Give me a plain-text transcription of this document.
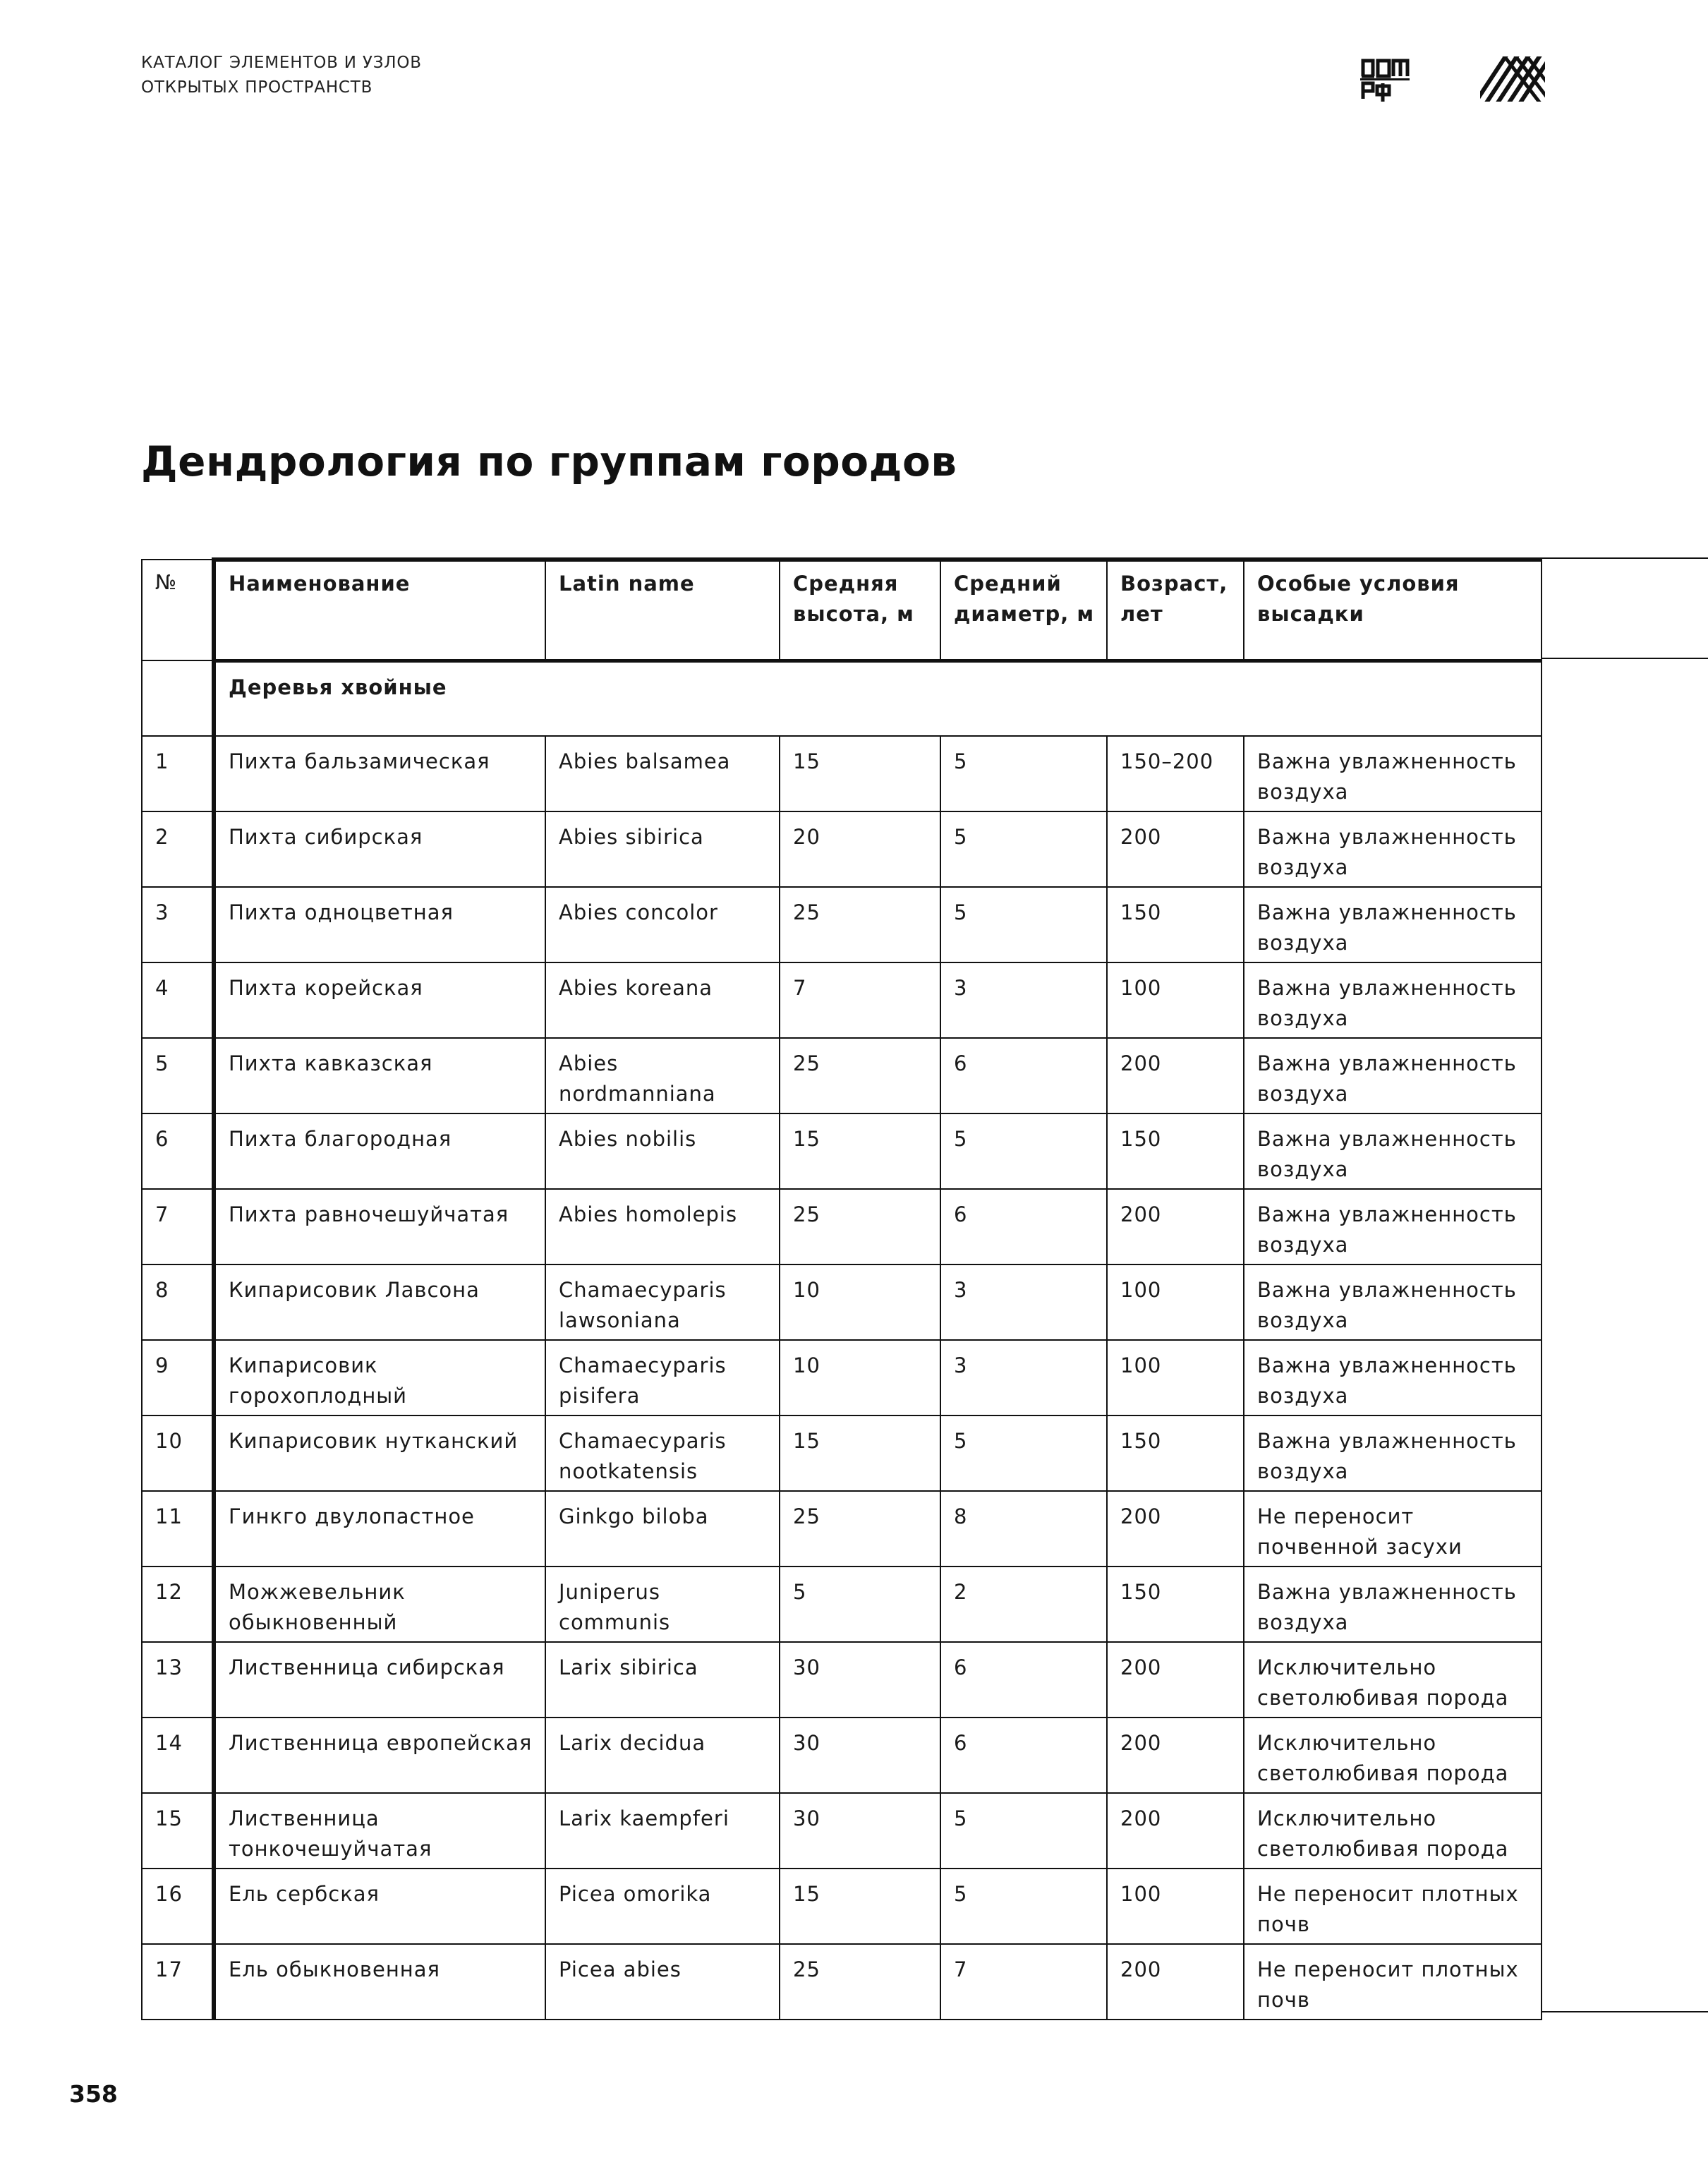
КАТАЛОГ ЭЛЕМЕНТОВ И УЗЛОВ
ОТКРЫТЫХ ПРОСТРАНСТВ
Дендрология по группам городов
№	Наименование	Latin name	Средняя высота, м	Средний диаметр, м	Возраст, лет	Особые условия высадки
	Деревья хвойные					
1	Пихта бальзамическая	Abies balsamea	15	5	150–200	Важна увлажненность воздуха
2	Пихта сибирская	Abies sibirica	20	5	200	Важна увлажненность воздуха
3	Пихта одноцветная	Abies concolor	25	5	150	Важна увлажненность воздуха
4	Пихта корейская	Abies koreana	7	3	100	Важна увлажненность воздуха
5	Пихта кавказская	Abies nordmanniana	25	6	200	Важна увлажненность воздуха
6	Пихта благородная	Abies nobilis	15	5	150	Важна увлажненность воздуха
7	Пихта равночешуйчатая	Abies homolepis	25	6	200	Важна увлажненность воздуха
8	Кипарисовик Лавсона	Chamaecyparis lawsoniana	10	3	100	Важна увлажненность воздуха
9	Кипарисовик горохоплодный	Chamaecyparis pisifera	10	3	100	Важна увлажненность воздуха
10	Кипарисовик нутканский	Chamaecyparis nootkatensis	15	5	150	Важна увлажненность воздуха
11	Гинкго двулопастное	Ginkgo biloba	25	8	200	Не переносит почвенной засухи
12	Можжевельник обыкновенный	Juniperus communis	5	2	150	Важна увлажненность воздуха
13	Лиственница сибирская	Larix sibirica	30	6	200	Исключительно светолюбивая порода
14	Лиственница европейская	Larix decidua	30	6	200	Исключительно светолюбивая порода
15	Лиственница тонкочешуйчатая	Larix kaempferi	30	5	200	Исключительно светолюбивая порода
16	Ель сербская	Picea omorika	15	5	100	Не переносит плотных почв
17	Ель обыкновенная	Picea abies	25	7	200	Не переносит плотных почв
358
